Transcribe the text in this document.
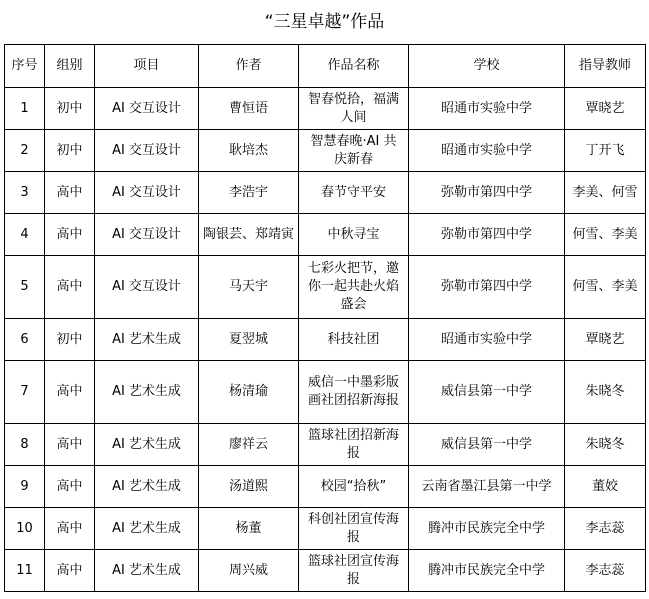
“三星卓越”作品
序号	组别	项目	作者	作品名称	学校	指导教师
1	初中	AI 交互设计	曹恒语	智春悦拾，福满人间	昭通市实验中学	覃晓艺
2	初中	AI 交互设计	耿培杰	智慧春晚·AI 共庆新春	昭通市实验中学	丁开飞
3	高中	AI 交互设计	李浩宇	春节守平安	弥勒市第四中学	李美、何雪
4	高中	AI 交互设计	陶银芸、郑靖寅	中秋寻宝	弥勒市第四中学	何雪、李美
5	高中	AI 交互设计	马天宇	七彩火把节，邀你一起共赴火焰盛会	弥勒市第四中学	何雪、李美
6	初中	AI 艺术生成	夏翌城	科技社团	昭通市实验中学	覃晓艺
7	高中	AI 艺术生成	杨清瑜	威信一中墨彩版画社团招新海报	威信县第一中学	朱晓冬
8	高中	AI 艺术生成	廖祥云	篮球社团招新海报	威信县第一中学	朱晓冬
9	高中	AI 艺术生成	汤道熙	校园“拾秋”	云南省墨江县第一中学	董姣
10	高中	AI 艺术生成	杨董	科创社团宣传海报	腾冲市民族完全中学	李志蕊
11	高中	AI 艺术生成	周兴威	篮球社团宣传海报	腾冲市民族完全中学	李志蕊
